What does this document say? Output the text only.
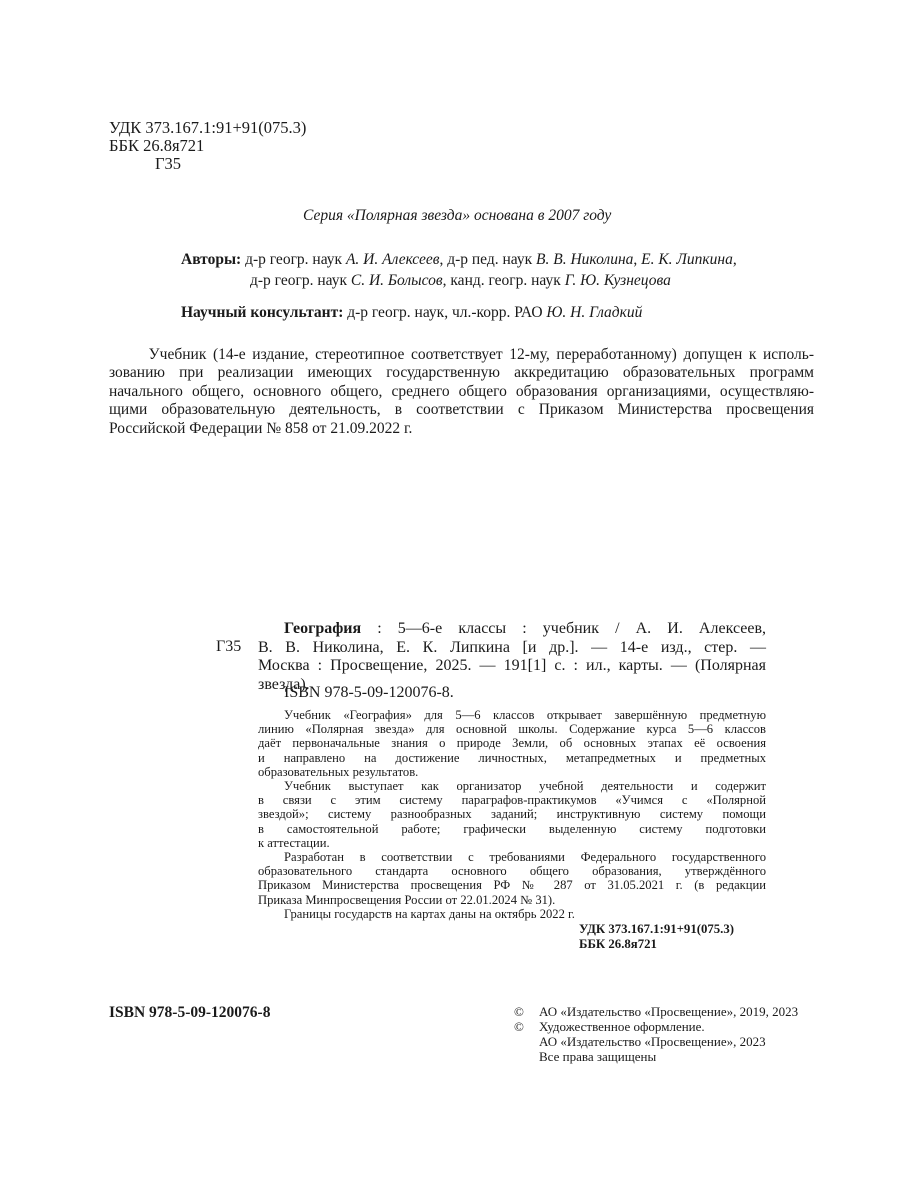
УДК 373.167.1:91+91(075.3)
ББК 26.8я721
Г35
Серия «Полярная звезда» основана в 2007 году
Авторы: д-р геогр. наук А. И. Алексеев, д-р пед. наук В. В. Николина, Е. К. Липкина,
д-р геогр. наук С. И. Болысов, канд. геогр. наук Г. Ю. Кузнецова
Научный консультант: д-р геогр. наук, чл.-корр. РАО Ю. Н. Гладкий
Учебник (14-е издание, стереотипное соответствует 12-му, переработанному) допущен к исполь-
зованию при реализации имеющих государственную аккредитацию образовательных программ
начального общего, основного общего, среднего общего образования организациями, осуществляю-
щими образовательную деятельность, в соответствии с Приказом Министерства просвещения
Российской Федерации № 858 от 21.09.2022 г.
Г35
География : 5—6-е классы : учебник / А. И. Алексеев,
В. В. Николина, Е. К. Липкина [и др.]. — 14-е изд., стер. —
Москва : Просвещение, 2025. — 191[1] с. : ил., карты. — (Полярная
звезда).
ISBN 978-5-09-120076-8.
Учебник «География» для 5—6 классов открывает завершённую предметную
линию «Полярная звезда» для основной школы. Содержание курса 5—6 классов
даёт первоначальные знания о природе Земли, об основных этапах её освоения
и направлено на достижение личностных, метапредметных и предметных
образовательных результатов.
Учебник выступает как организатор учебной деятельности и содержит
в связи с этим систему параграфов-практикумов «Учимся с «Полярной
звездой»; систему разнообразных заданий; инструктивную систему помощи
в самостоятельной работе; графически выделенную систему подготовки
к аттестации.
Разработан в соответствии с требованиями Федерального государственного
образовательного стандарта основного общего образования, утверждённого
Приказом Министерства просвещения РФ № 287 от 31.05.2021 г. (в редакции
Приказа Минпросвещения России от 22.01.2024 № 31).
Границы государств на картах даны на октябрь 2022 г.
УДК 373.167.1:91+91(075.3)
ББК 26.8я721
ISBN 978-5-09-120076-8	©	АО «Издательство «Просвещение», 2019, 2023
©	Художественное оформление.
АО «Издательство «Просвещение», 2023
Все права защищены
